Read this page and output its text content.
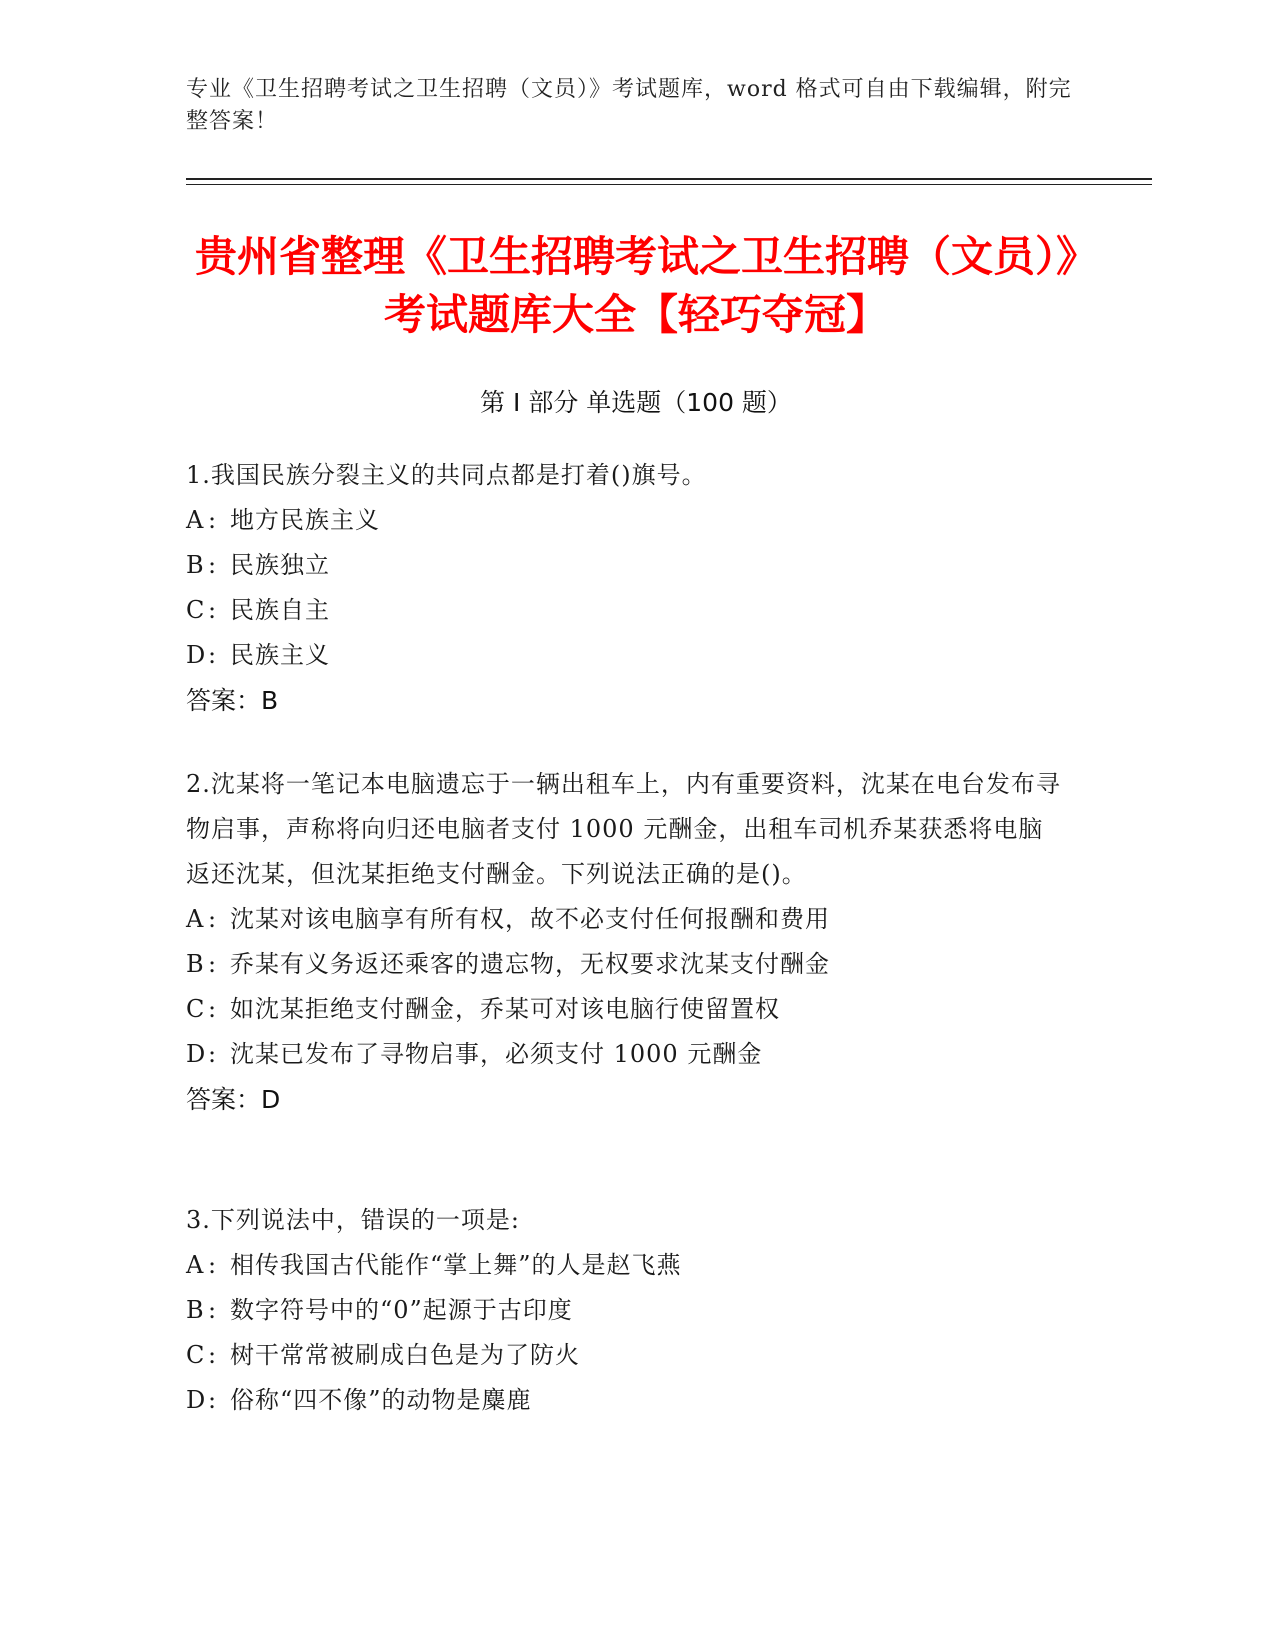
专业《卫生招聘考试之卫生招聘（文员）》考试题库，word 格式可自由下载编辑，附完整答案！
贵州省整理《卫生招聘考试之卫生招聘（文员）》考试题库大全【轻巧夺冠】
第 I 部分 单选题（100 题）
1.我国民族分裂主义的共同点都是打着()旗号。
A : 地方民族主义
B : 民族独立
C : 民族自主
D: 民族主义
答案：B
2.沈某将一笔记本电脑遗忘于一辆出租车上，内有重要资料，沈某在电台发布寻物启事，声称将向归还电脑者支付 1000 元酬金，出租车司机乔某获悉将电脑返还沈某，但沈某拒绝支付酬金。下列说法正确的是()。
A : 沈某对该电脑享有所有权，故不必支付任何报酬和费用
B : 乔某有义务返还乘客的遗忘物，无权要求沈某支付酬金
C : 如沈某拒绝支付酬金，乔某可对该电脑行使留置权
D: 沈某已发布了寻物启事，必须支付 1000 元酬金
答案：D
3.下列说法中，错误的一项是:
A : 相传我国古代能作“掌上舞”的人是赵飞燕
B : 数字符号中的“0”起源于古印度
C : 树干常常被刷成白色是为了防火
D: 俗称“四不像”的动物是麋鹿
